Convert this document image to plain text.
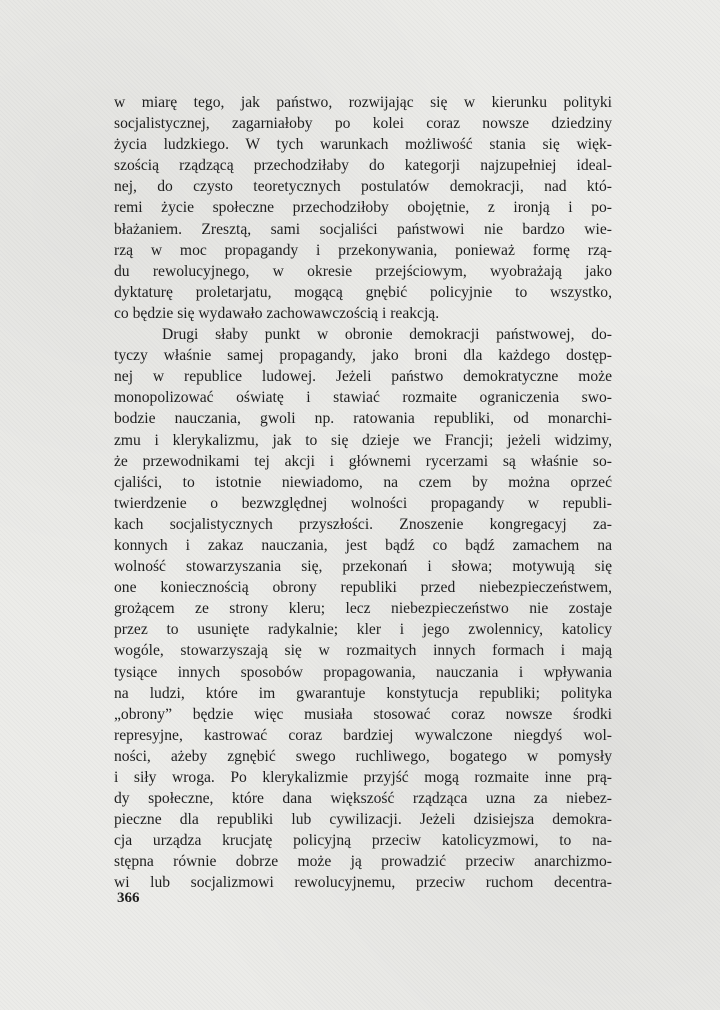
w miarę tego, jak państwo, rozwijając się w kierunku polityki
socjalistycznej, zagarniałoby po kolei coraz nowsze dziedziny
życia ludzkiego. W tych warunkach możliwość stania się więk-
szością rządzącą przechodziłaby do kategorji najzupełniej ideal-
nej, do czysto teoretycznych postulatów demokracji, nad któ-
remi życie społeczne przechodziłoby obojętnie, z ironją i po-
błażaniem. Zresztą, sami socjaliści państwowi nie bardzo wie-
rzą w moc propagandy i przekonywania, ponieważ formę rzą-
du rewolucyjnego, w okresie przejściowym, wyobrażają jako
dyktaturę proletarjatu, mogącą gnębić policyjnie to wszystko,
co będzie się wydawało zachowawczością i reakcją.
Drugi słaby punkt w obronie demokracji państwowej, do-
tyczy właśnie samej propagandy, jako broni dla każdego dostęp-
nej w republice ludowej. Jeżeli państwo demokratyczne może
monopolizować oświatę i stawiać rozmaite ograniczenia swo-
bodzie nauczania, gwoli np. ratowania republiki, od monarchi-
zmu i klerykalizmu, jak to się dzieje we Francji; jeżeli widzimy,
że przewodnikami tej akcji i głównemi rycerzami są właśnie so-
cjaliści, to istotnie niewiadomo, na czem by można oprzeć
twierdzenie o bezwzględnej wolności propagandy w republi-
kach socjalistycznych przyszłości. Znoszenie kongregacyj za-
konnych i zakaz nauczania, jest bądź co bądź zamachem na
wolność stowarzyszania się, przekonań i słowa; motywują się
one koniecznością obrony republiki przed niebezpieczeństwem,
grożącem ze strony kleru; lecz niebezpieczeństwo nie zostaje
przez to usunięte radykalnie; kler i jego zwolennicy, katolicy
wogóle, stowarzyszają się w rozmaitych innych formach i mają
tysiące innych sposobów propagowania, nauczania i wpływania
na ludzi, które im gwarantuje konstytucja republiki; polityka
„obrony” będzie więc musiała stosować coraz nowsze środki
represyjne, kastrować coraz bardziej wywalczone niegdyś wol-
ności, ażeby zgnębić swego ruchliwego, bogatego w pomysły
i siły wroga. Po klerykalizmie przyjść mogą rozmaite inne prą-
dy społeczne, które dana większość rządząca uzna za niebez-
pieczne dla republiki lub cywilizacji. Jeżeli dzisiejsza demokra-
cja urządza krucjatę policyjną przeciw katolicyzmowi, to na-
stępna równie dobrze może ją prowadzić przeciw anarchizmo-
wi lub socjalizmowi rewolucyjnemu, przeciw ruchom decentra-
366
